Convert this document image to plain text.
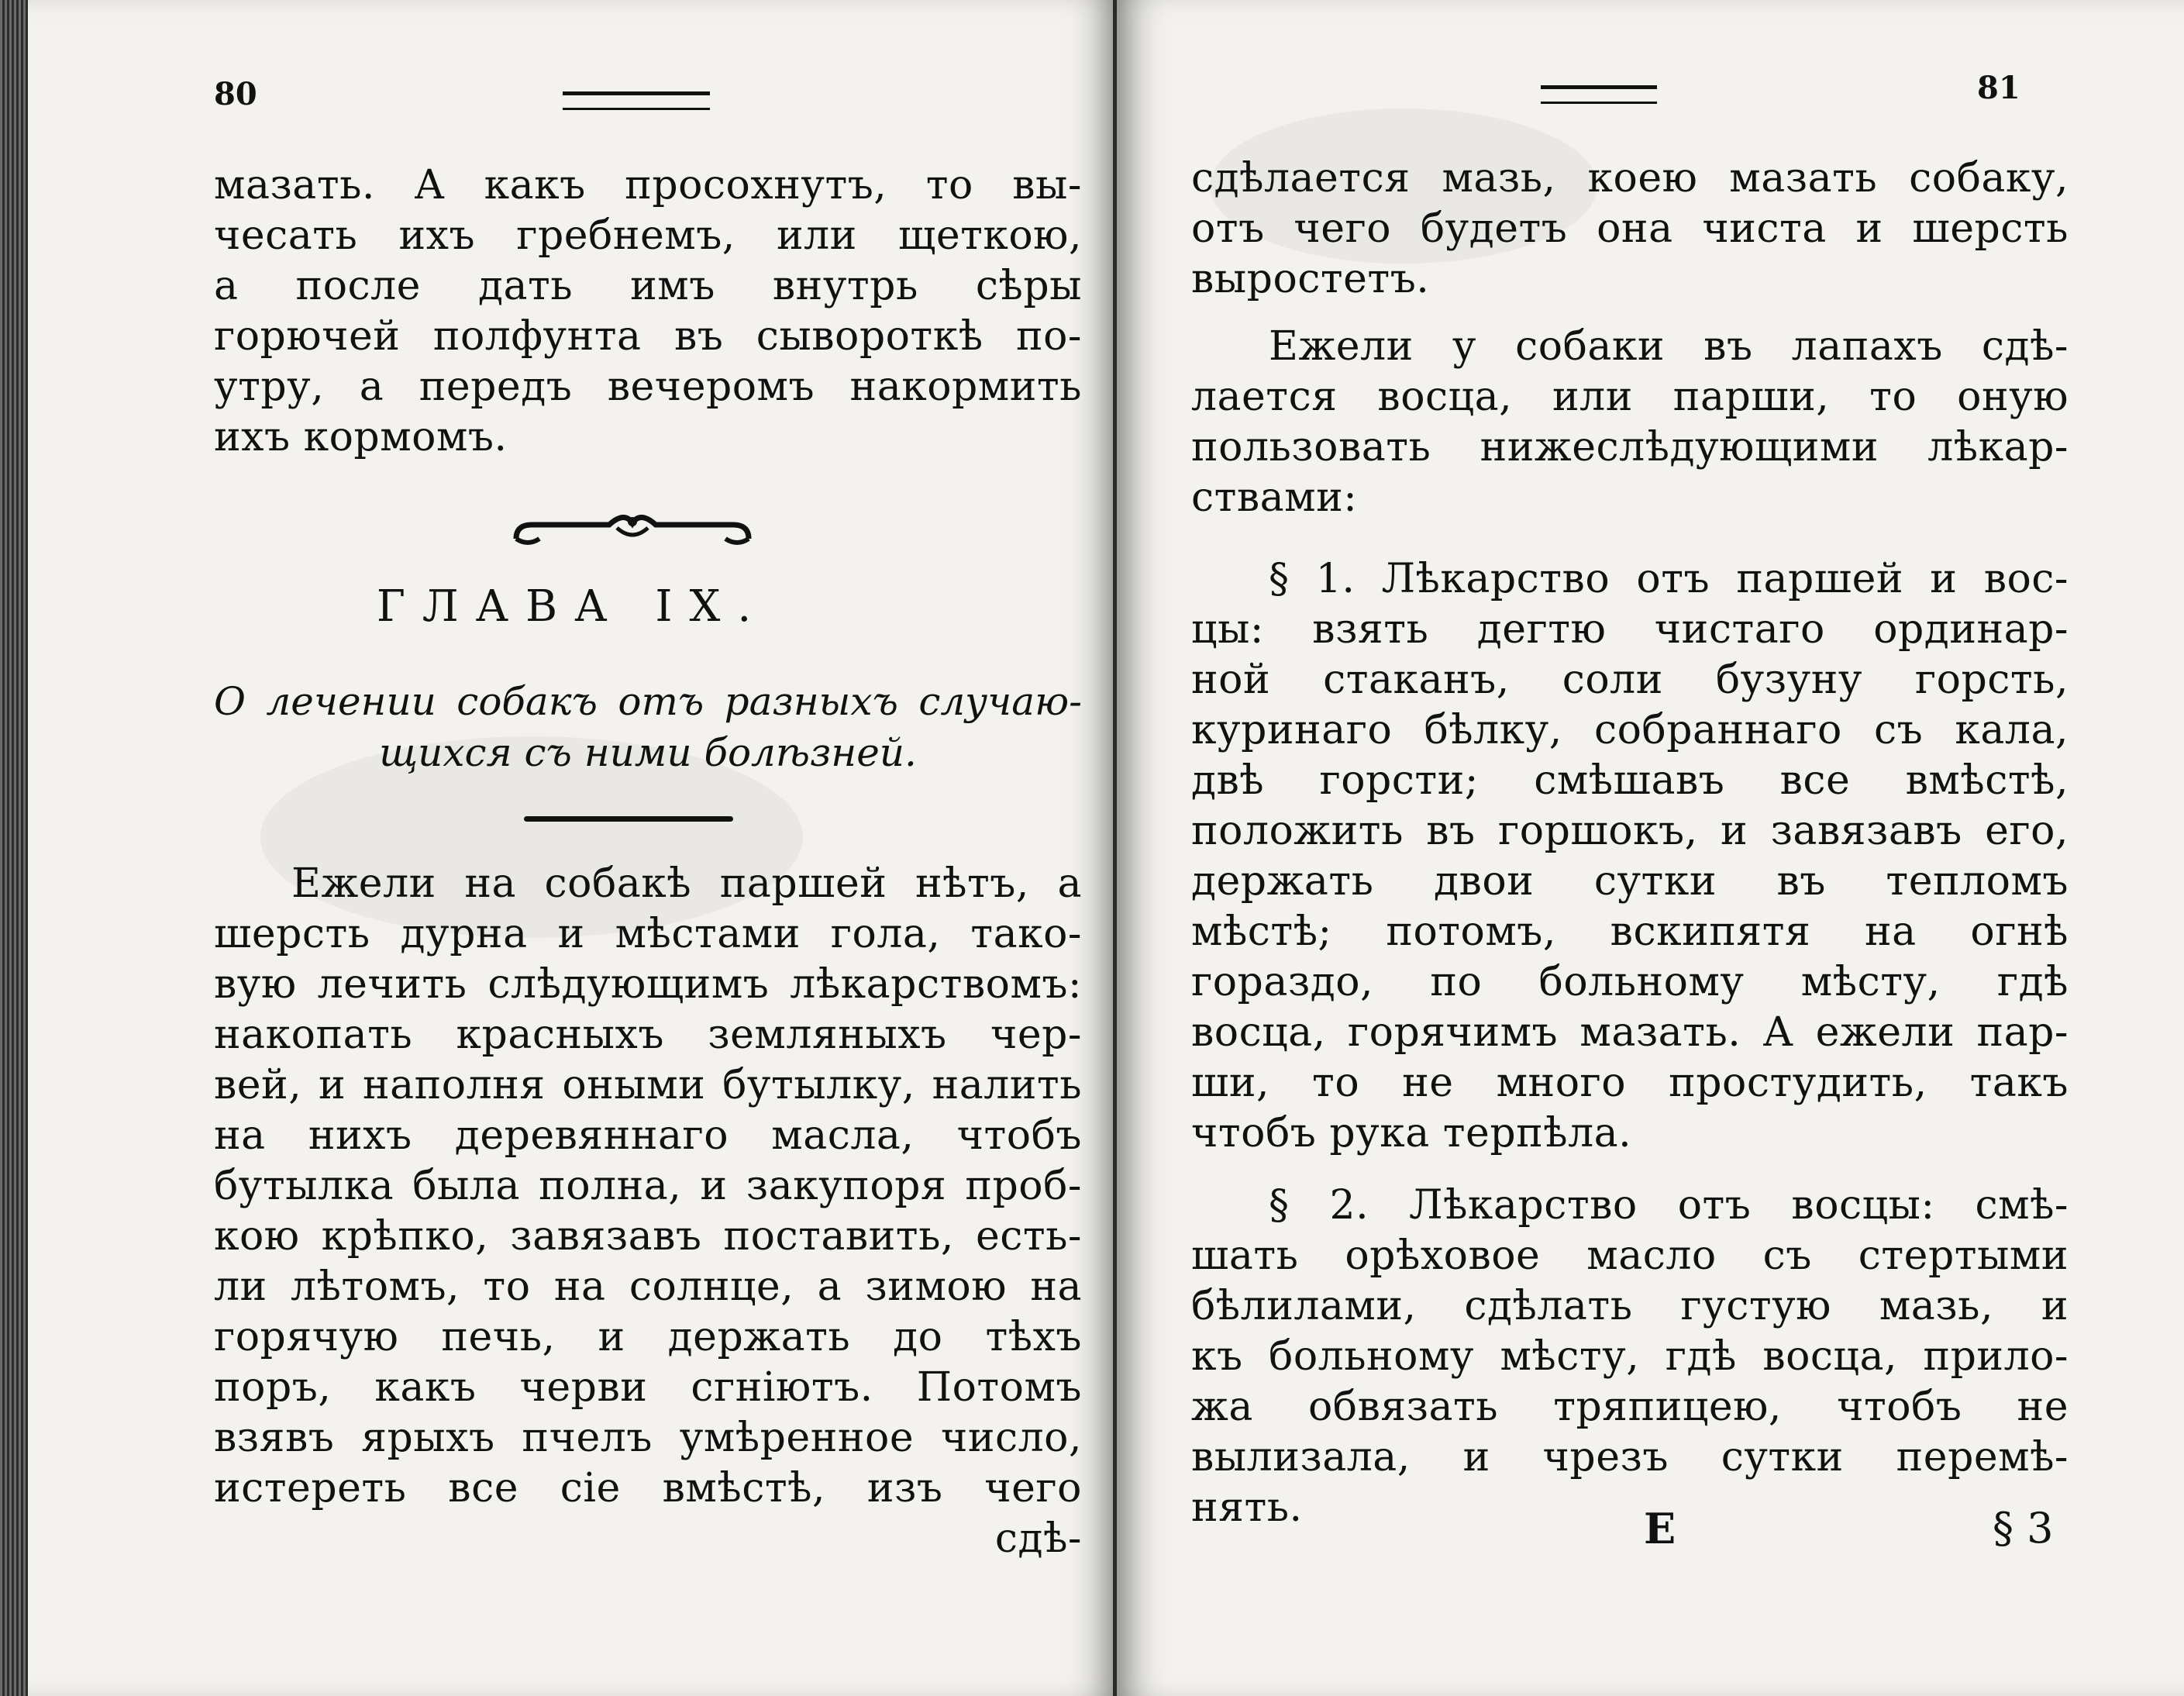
80

мазать. А какъ просохнутъ, то вы-

чесать ихъ гребнемъ, или щеткою,

а после дать имъ внутрь сѣры

горючей полфунта въ сывороткѣ по-

утру, а передъ вечеромъ накормить

ихъ кормомъ.

ГЛАВА IX.

О лечении собакъ отъ разныхъ случаю-

щихся съ ними болѣзней.

Ежели на собакѣ паршей нѣтъ, а

шерсть дурна и мѣстами гола, тако-

вую лечить слѣдующимъ лѣкарствомъ:

накопать красныхъ земляныхъ чер-

вей, и наполня оными бутылку, налить

на нихъ деревяннаго масла, чтобъ

бутылка была полна, и закупоря проб-

кою крѣпко, завязавъ поставить, есть-

ли лѣтомъ, то на солнце, а зимою на

горячую печь, и держать до тѣхъ

поръ, какъ черви сгніютъ. Потомъ

взявъ ярыхъ пчелъ умѣренное число,

истереть все сіе вмѣстѣ, изъ чего

сдѣ-

81

сдѣлается мазь, коею мазать собаку,

отъ чего будетъ она чиста и шерсть

выростетъ.

Ежели у собаки въ лапахъ сдѣ-

лается восца, или парши, то оную

пользовать нижеслѣдующими лѣкар-

ствами:

§ 1. Лѣкарство отъ паршей и вос-

цы: взять дегтю чистаго ординар-

ной стаканъ, соли бузуну горсть,

куринаго бѣлку, собраннаго съ кала,

двѣ горсти; смѣшавъ все вмѣстѣ,

положить въ горшокъ, и завязавъ его,

держать двои сутки въ тепломъ

мѣстѣ; потомъ, вскипятя на огнѣ

гораздо, по больному мѣсту, гдѣ

восца, горячимъ мазать. А ежели пар-

ши, то не много простудить, такъ

чтобъ рука терпѣла.

§ 2. Лѣкарство отъ восцы: смѣ-

шать орѣховое масло съ стертыми

бѣлилами, сдѣлать густую мазь, и

къ больному мѣсту, гдѣ восца, прило-

жа обвязать тряпицею, чтобъ не

вылизала, и чрезъ сутки перемѣ-

нять.	Е	§ 3
